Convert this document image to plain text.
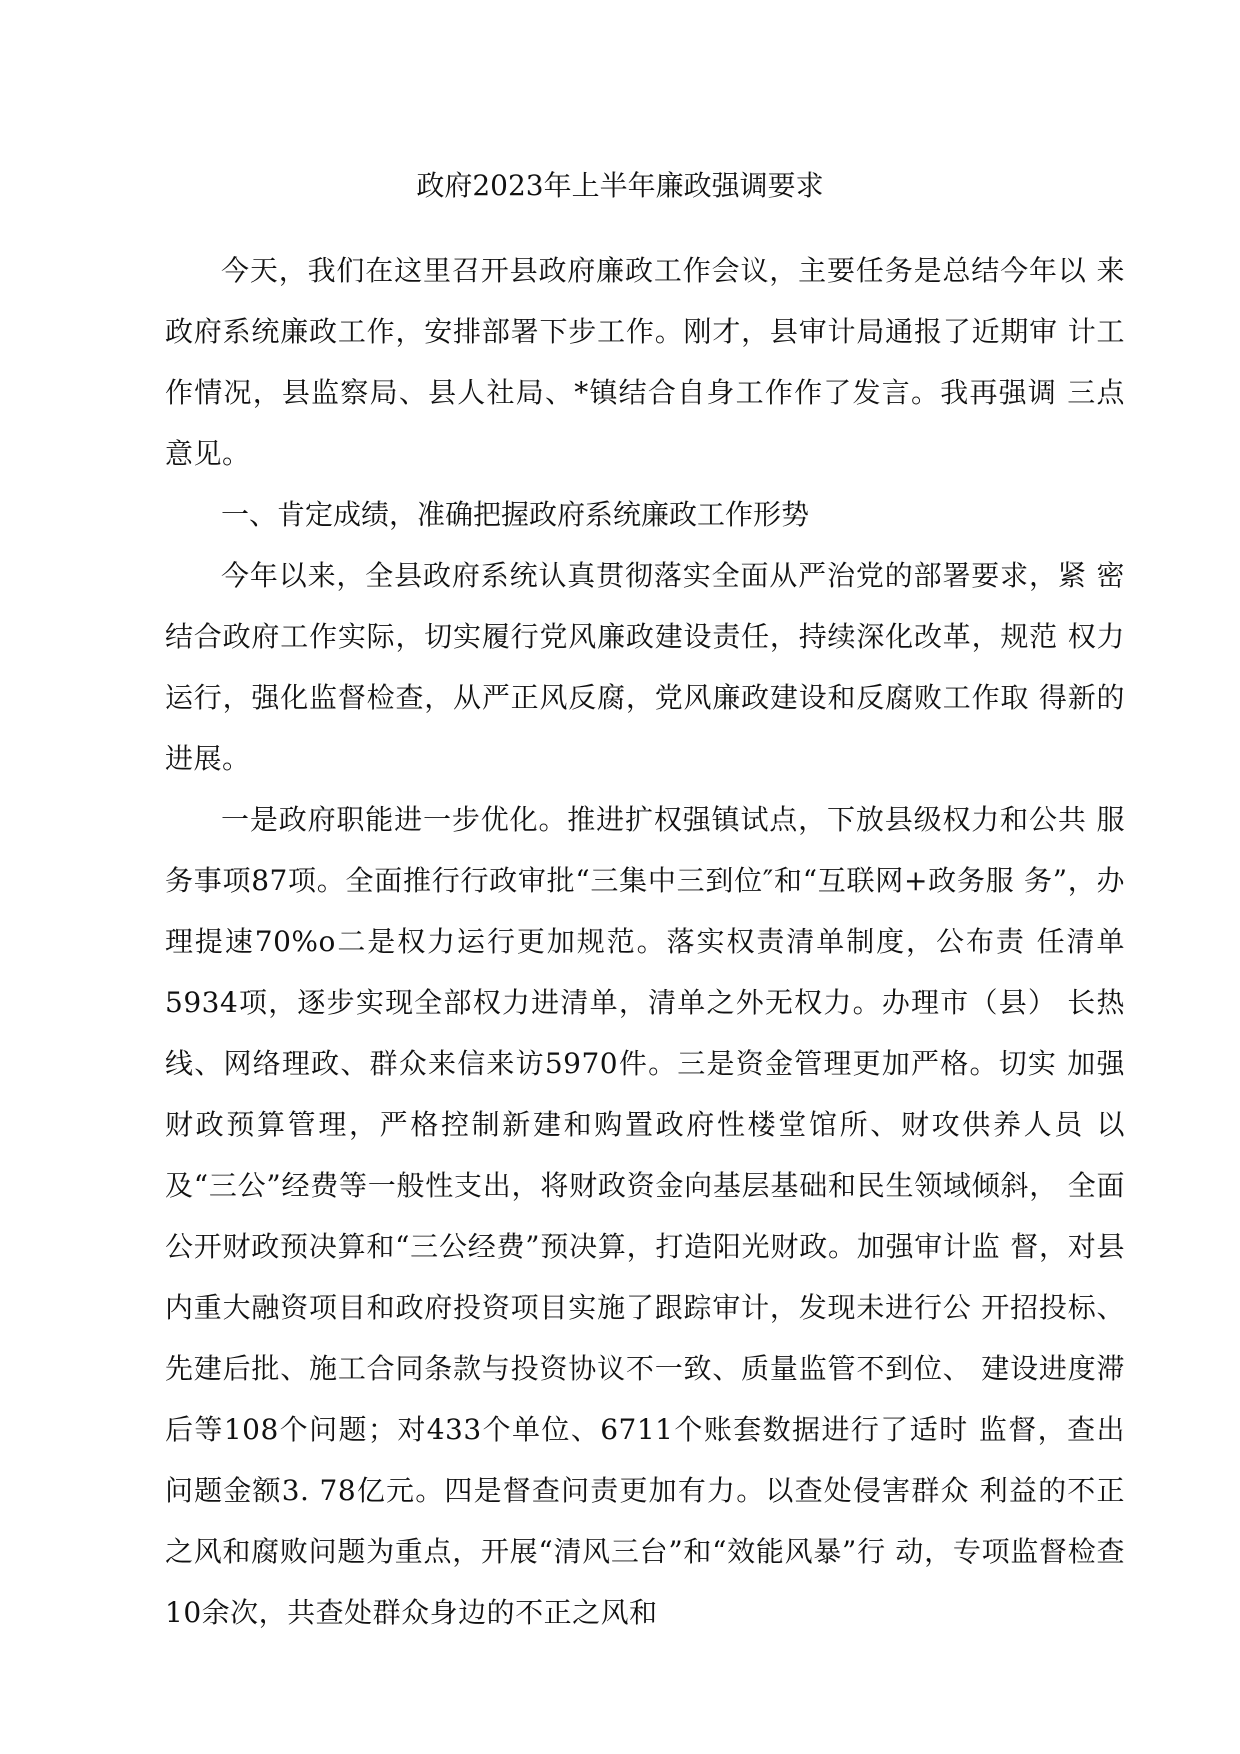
政府2023年上半年廉政强调要求

今天，我们在这里召开县政府廉政工作会议，主要任务是总结今年以 来政府系统廉政工作，安排部署下步工作。刚才，县审计局通报了近期审 计工作情况，县监察局、县人社局、*镇结合自身工作作了发言。我再强调 三点意见。

一、肯定成绩，准确把握政府系统廉政工作形势

今年以来，全县政府系统认真贯彻落实全面从严治党的部署要求，紧 密结合政府工作实际，切实履行党风廉政建设责任，持续深化改革，规范 权力运行，强化监督检查，从严正风反腐，党风廉政建设和反腐败工作取 得新的进展。

一是政府职能进一步优化。推进扩权强镇试点，下放县级权力和公共 服务事项87项。全面推行行政审批“三集中三到位″和“互联网+政务服 务”，办理提速70%o二是权力运行更加规范。落实权责清单制度，公布责 任清单5934项，逐步实现全部权力进清单，清单之外无权力。办理市（县） 长热线、网络理政、群众来信来访5970件。三是资金管理更加严格。切实 加强财政预算管理，严格控制新建和购置政府性楼堂馆所、财攻供养人员 以及“三公”经费等一般性支出，将财政资金向基层基础和民生领域倾斜， 全面公开财政预决算和“三公经费”预决算，打造阳光财政。加强审计监 督，对县内重大融资项目和政府投资项目实施了跟踪审计，发现未进行公 开招投标、先建后批、施工合同条款与投资协议不一致、质量监管不到位、 建设进度滞后等108个问题；对433个单位、6711个账套数据进行了适时 监督，查出问题金额3. 78亿元。四是督查问责更加有力。以查处侵害群众 利益的不正之风和腐败问题为重点，开展“清风三台”和“效能风暴”行 动，专项监督检查10余次，共查处群众身边的不正之风和
